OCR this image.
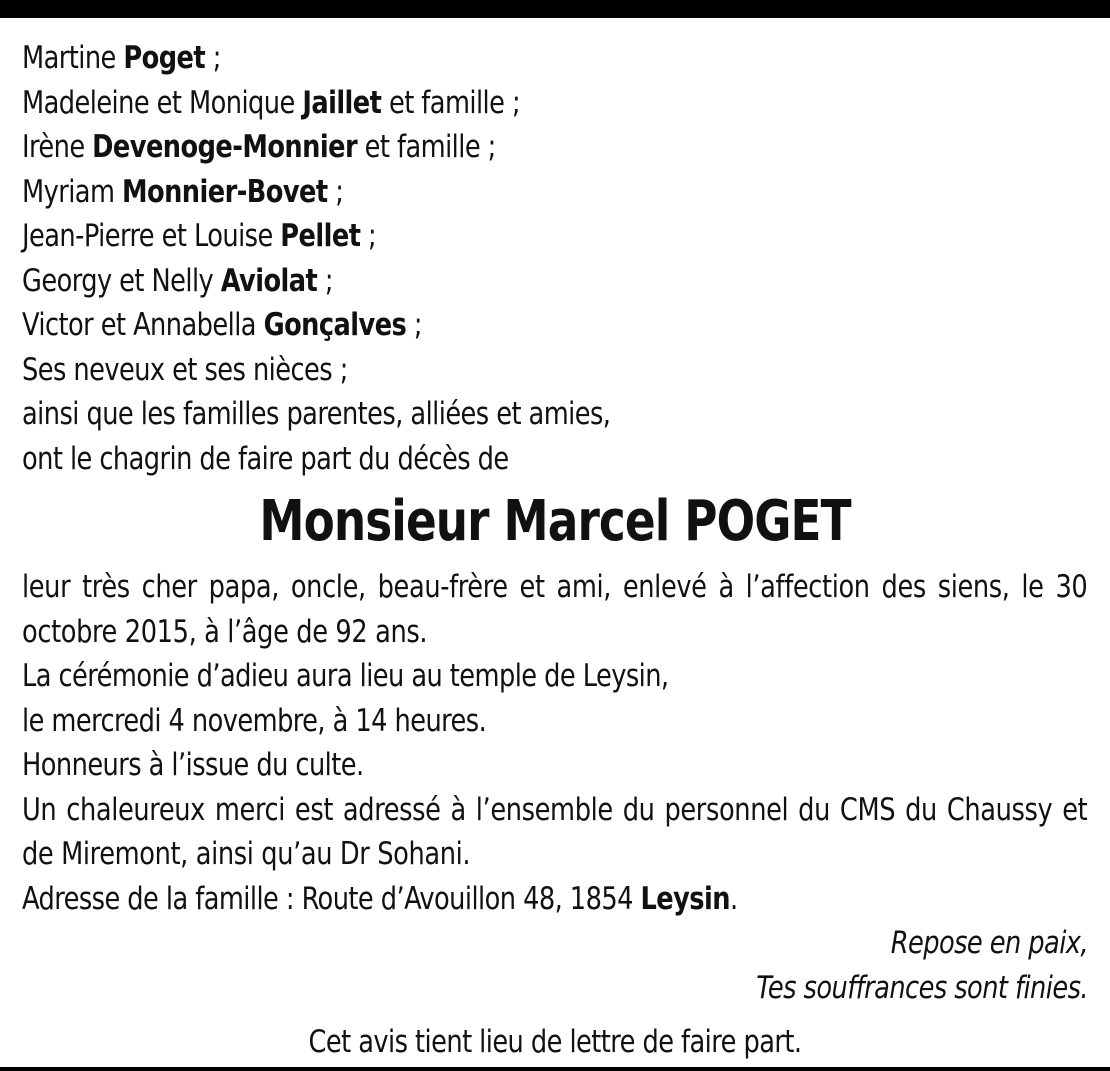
Martine Poget ;
Madeleine et Monique Jaillet et famille ;
Irène Devenoge-Monnier et famille ;
Myriam Monnier-Bovet ;
Jean-Pierre et Louise Pellet ;
Georgy et Nelly Aviolat ;
Victor et Annabella Gonçalves ;
Ses neveux et ses nièces ;
ainsi que les familles parentes, alliées et amies,
ont le chagrin de faire part du décès de
Monsieur Marcel POGET
leur très cher papa, oncle, beau-frère et ami, enlevé à l’affection des siens, le 30 octobre 2015, à l’âge de 92 ans.
La cérémonie d’adieu aura lieu au temple de Leysin,
le mercredi 4 novembre, à 14 heures.
Honneurs à l’issue du culte.
Un chaleureux merci est adressé à l’ensemble du personnel du CMS du Chaussy et de Miremont, ainsi qu’au Dr Sohani.
Adresse de la famille : Route d’Avouillon 48, 1854 Leysin.
Repose en paix,
Tes souffrances sont finies.
Cet avis tient lieu de lettre de faire part.
